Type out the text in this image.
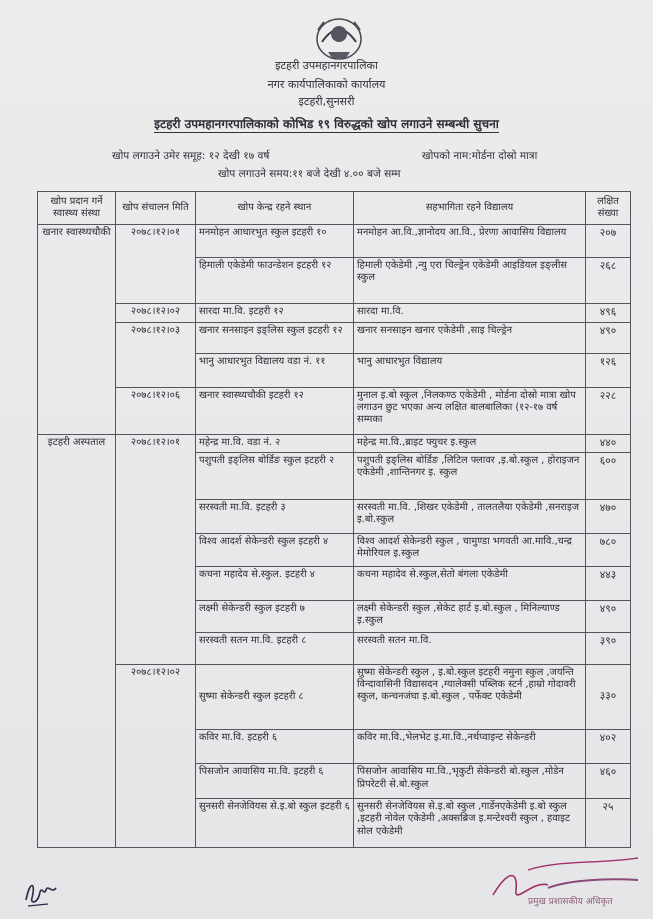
इटहरी उपमहानगरपालिका
नगर कार्यपालिकाको कार्यालय
इटहरी,सुनसरी
इटहरी उपमहानगरपालिकाको कोभिड १९ विरुद्धको खोप लगाउने सम्बन्धी सुचना
खोप लगाउने उमेर समूह: १२ देखी १७ वर्ष	खोपको नाम:मोर्डना दोस्रो मात्रा
खोप लगाउने समय:११ बजे देखी ४.०० बजे सम्म
खोप प्रदान गर्ने स्वास्थ्य संस्था	खोप संचालन मिति	खोप केन्द्र रहने स्थान	सहभागिता रहने विद्यालय	लक्षित संख्या
खनार स्वास्थ्यचौकी	२०७८।१२।०१	मनमोहन आधारभुत स्कुल इटहरी १०	मनमोहन आ.वि.,ज्ञानोदय आ.वि., प्रेरणा आवासिय विद्यालय	२०७
		हिमाली एकेडेमी फाउन्डेशन इटहरी १२	हिमाली एकेडेमी ,न्यु एरा चिल्ड्रेन एकेडेमी आइडियल इङ्लीस स्कुल	२६८
	२०७८।१२।०२	सारदा मा.वि. इटहरी १२	सारदा मा.वि.	४९६
	२०७८।१२।०३	खनार सनसाइन इङ्लिस स्कुल इटहरी १२	खनार सनसाइन खनार एकेडेमी ,साइ चिल्ड्रेन	४९०
		भानु आधारभुत विद्यालय वडा नं. ११	भानु आधारभुत विद्यालय	१२६
	२०७८।१२।०६	खनार स्वास्थ्यचौकी इटहरी १२	मुनाल इ.बो स्कुल ,निलकण्ठ एकेडेमी , मोर्डना दोस्रो मात्रा खोप लगाउन छुट भएका अन्य लक्षित बालबालिका (१२-१७ वर्ष सम्मका	२२८
इटहरी अस्पताल	२०७८।१२।०१	महेन्द्र मा.वि. वडा नं. २	महेन्द्र मा.वि.,ब्राइट फ्युचर इ.स्कुल	४४०
		पशुपती इङ्लिस बोर्डिङ स्कुल इटहरी २	पशुपती इङ्लिस बोर्डिङ ,लिटिल फ्लावर ,इ.बो.स्कुल , होराइजन एकेडेमी ,शान्तिनगर इ. स्कुल	६००
		सरस्वती मा.वि. इटहरी ३	सरस्वती मा.वि. ,शिखर एकेडेमी , तालतलैया एकेडेमी ,सनराइज इ.बो.स्कुल	४७०
		विश्व आदर्श सेकेन्डरी स्कुल इटहरी ४	विश्व आदर्श सेकेन्डरी स्कुल , चामुण्डा भगवती आ.मावि.,चन्द्र मेमोरियल इ.स्कुल	७८०
		कचना महादेव से.स्कुल. इटहरी ४	कचना महादेव से.स्कुल,सेतो बंगला एकेडेमी	४४३
		लक्ष्मी सेकेन्डरी स्कुल इटहरी ७	लक्ष्मी सेकेन्डरी स्कुल ,सेकेट हार्ट इ.बो.स्कुल , मिनिल्याण्ड इ.स्कुल	४९०
		सरस्वती सतन मा.वि. इटहरी ८	सरस्वती सतन मा.वि.	३९०
	२०७८।१२।०२	सुष्मा सेकेन्डरी स्कुल इटहरी ८	सुष्मा सेकेन्डरी स्कुल , इ.बो.स्कुल इटहरी नमुना स्कुल ,जयन्ति विन्दावासिनी विद्यासदन ,ग्यालेक्सी पब्लिक स्टर्न ,हाम्रो गोदावरी स्कुल, कन्चनजंघा इ.बो.स्कुल , पर्फेक्ट एकेडेमी	३३०
		कविर मा.वि. इटहरी ६	कविर मा.वि.,भेलभेट इ.मा.वि.,नर्थप्वाइन्ट सेकेन्डरी	४०२
		पिसजोन आवासिय मा.वि. इटहरी ६	पिसजोन आवासिय मा.वि.,भृकुटी सेकेन्डरी बो.स्कुल ,मोडेन प्रिपरेटरी से.बो.स्कुल	४६०
		सुनसरी सेनजेवियस से.इ.बो स्कुल इटहरी ६	सुनसरी सेनजेवियस से.इ.बो स्कुल ,गार्डेनएकेडेमी इ.बो स्कुल ,इटहरी नोवेल एकेडेमी ,अक्सब्रिज इ.मन्टेश्वरी स्कुल , हवाइट सोल एकेडेमी	२५
प्रमुख प्रशासकीय अधिकृत
